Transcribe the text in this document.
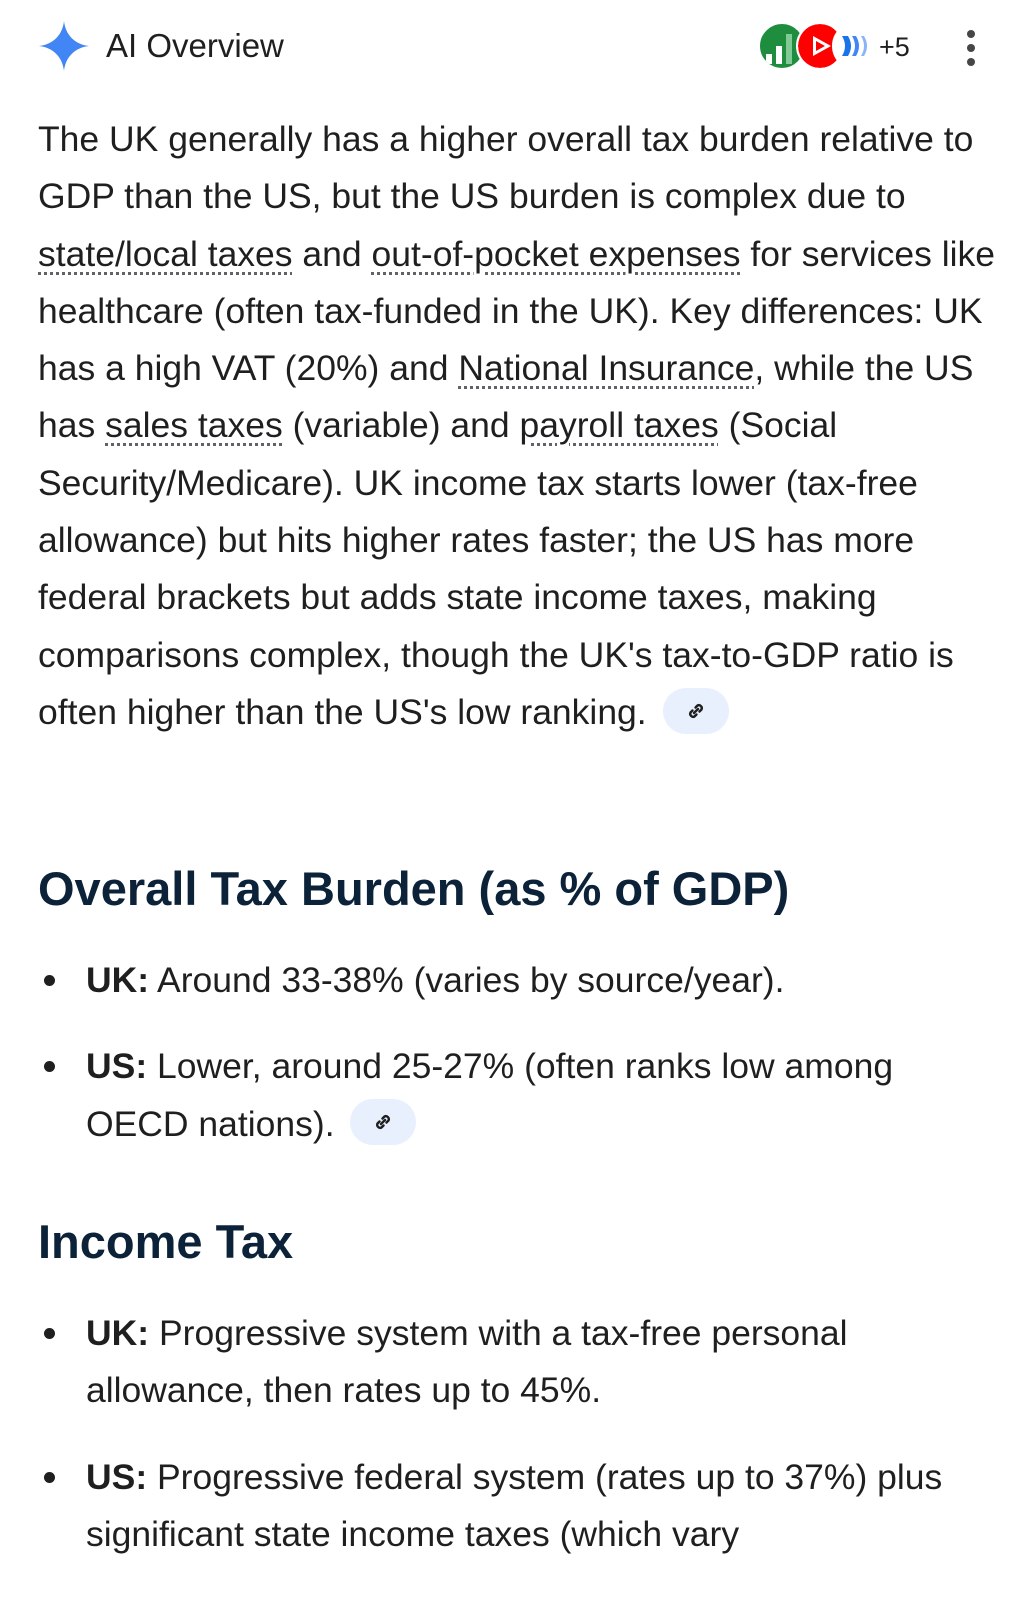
AI Overview	+5

The UK generally has a higher overall tax burden relative to GDP than the US, but the US burden is complex due to state/local taxes and out-of-pocket expenses for services like healthcare (often tax-funded in the UK). Key differences: UK has a high VAT (20%) and National Insurance, while the US has sales taxes (variable) and payroll taxes (Social Security/Medicare). UK income tax starts lower (tax-free allowance) but hits higher rates faster; the US has more federal brackets but adds state income taxes, making comparisons complex, though the UK's tax-to-GDP ratio is often higher than the US's low ranking.

Overall Tax Burden (as % of GDP)
UK: Around 33-38% (varies by source/year).
US: Lower, around 25-27% (often ranks low among OECD nations).
Income Tax
UK: Progressive system with a tax-free personal allowance, then rates up to 45%.
US: Progressive federal system (rates up to 37%) plus significant state income taxes (which vary
